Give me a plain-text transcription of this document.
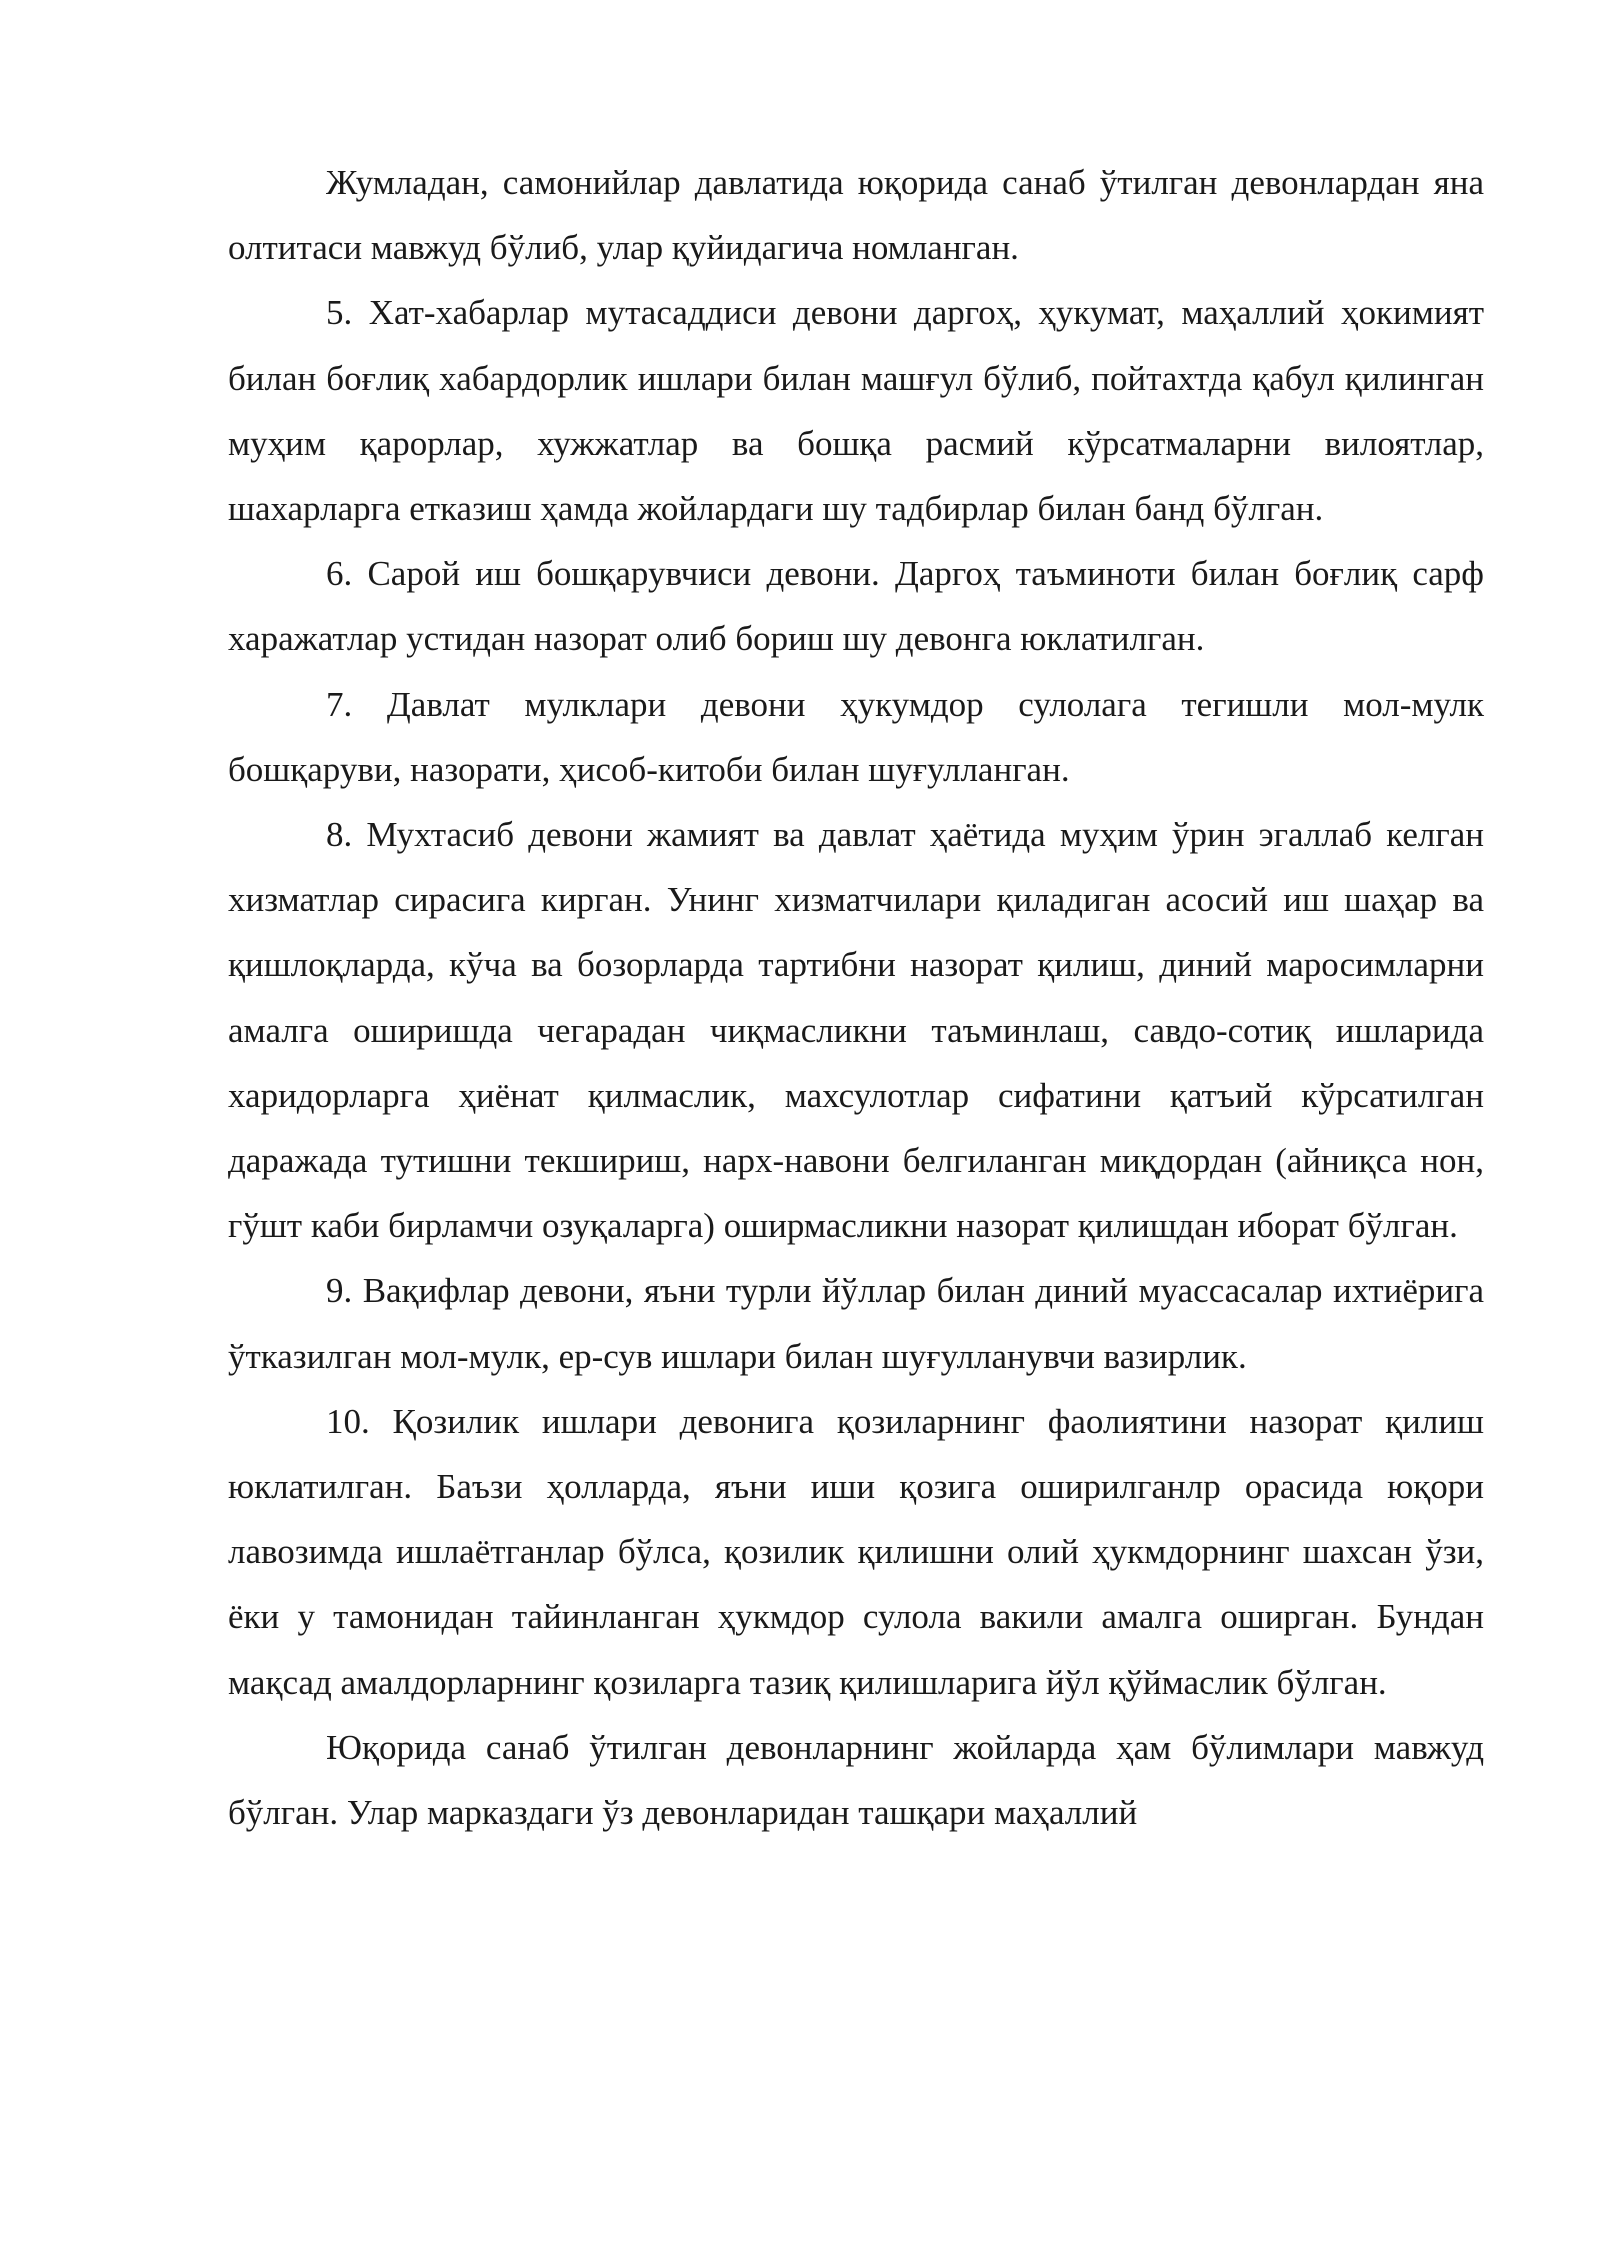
Жумладан, самонийлар давлатида юқорида санаб ўтилган девонлардан яна олтитаси мавжуд бўлиб, улар қуйидагича номланган.

5. Хат-хабарлар мутасаддиси девони даргоҳ, ҳукумат, маҳаллий ҳокимият билан боғлиқ хабардорлик ишлари билан машғул бўлиб, пойтахтда қабул қилинган муҳим қарорлар, хужжатлар ва бошқа расмий кўрсатмаларни вилоятлар, шахарларга етказиш ҳамда жойлардаги шу тадбирлар билан банд бўлган.

6. Сарой иш бошқарувчиси девони. Даргоҳ таъминоти билан боғлиқ сарф харажатлар устидан назорат олиб бориш шу девонга юклатилган.

7. Давлат мулклари девони ҳукумдор сулолага тегишли мол-мулк бошқаруви, назорати, ҳисоб-китоби билан шуғулланган.

8. Мухтасиб девони жамият ва давлат ҳаётида муҳим ўрин эгаллаб келган хизматлар сирасига кирган. Унинг хизматчилари қиладиган асосий иш шаҳар ва қишлоқларда, кўча ва бозорларда тартибни назорат қилиш, диний маросимларни амалга оширишда чегарадан чиқмасликни таъминлаш, савдо-сотиқ ишларида харидорларга ҳиёнат қилмаслик, махсулотлар сифатини қатъий кўрсатилган даражада тутишни текшириш, нарх-навони белгиланган миқдордан (айниқса нон, гўшт каби бирламчи озуқаларга) оширмасликни назорат қилишдан иборат бўлган.

9. Вақифлар девони, яъни турли йўллар билан диний муассасалар ихтиёрига ўтказилган мол-мулк, ер-сув ишлари билан шуғулланувчи вазирлик.

10. Қозилик ишлари девонига қозиларнинг фаолиятини назорат қилиш юклатилган. Баъзи ҳолларда, яъни иши қозига оширилганлр орасида юқори лавозимда ишлаётганлар бўлса, қозилик қилишни олий ҳукмдорнинг шахсан ўзи, ёки у тамонидан тайинланган ҳукмдор сулола вакили амалга оширган. Бундан мақсад амалдорларнинг қозиларга тазиқ қилишларига йўл қўймаслик бўлган.

Юқорида санаб ўтилган девонларнинг жойларда ҳам бўлимлари мавжуд бўлган. Улар марказдаги ўз девонларидан ташқари маҳаллий
